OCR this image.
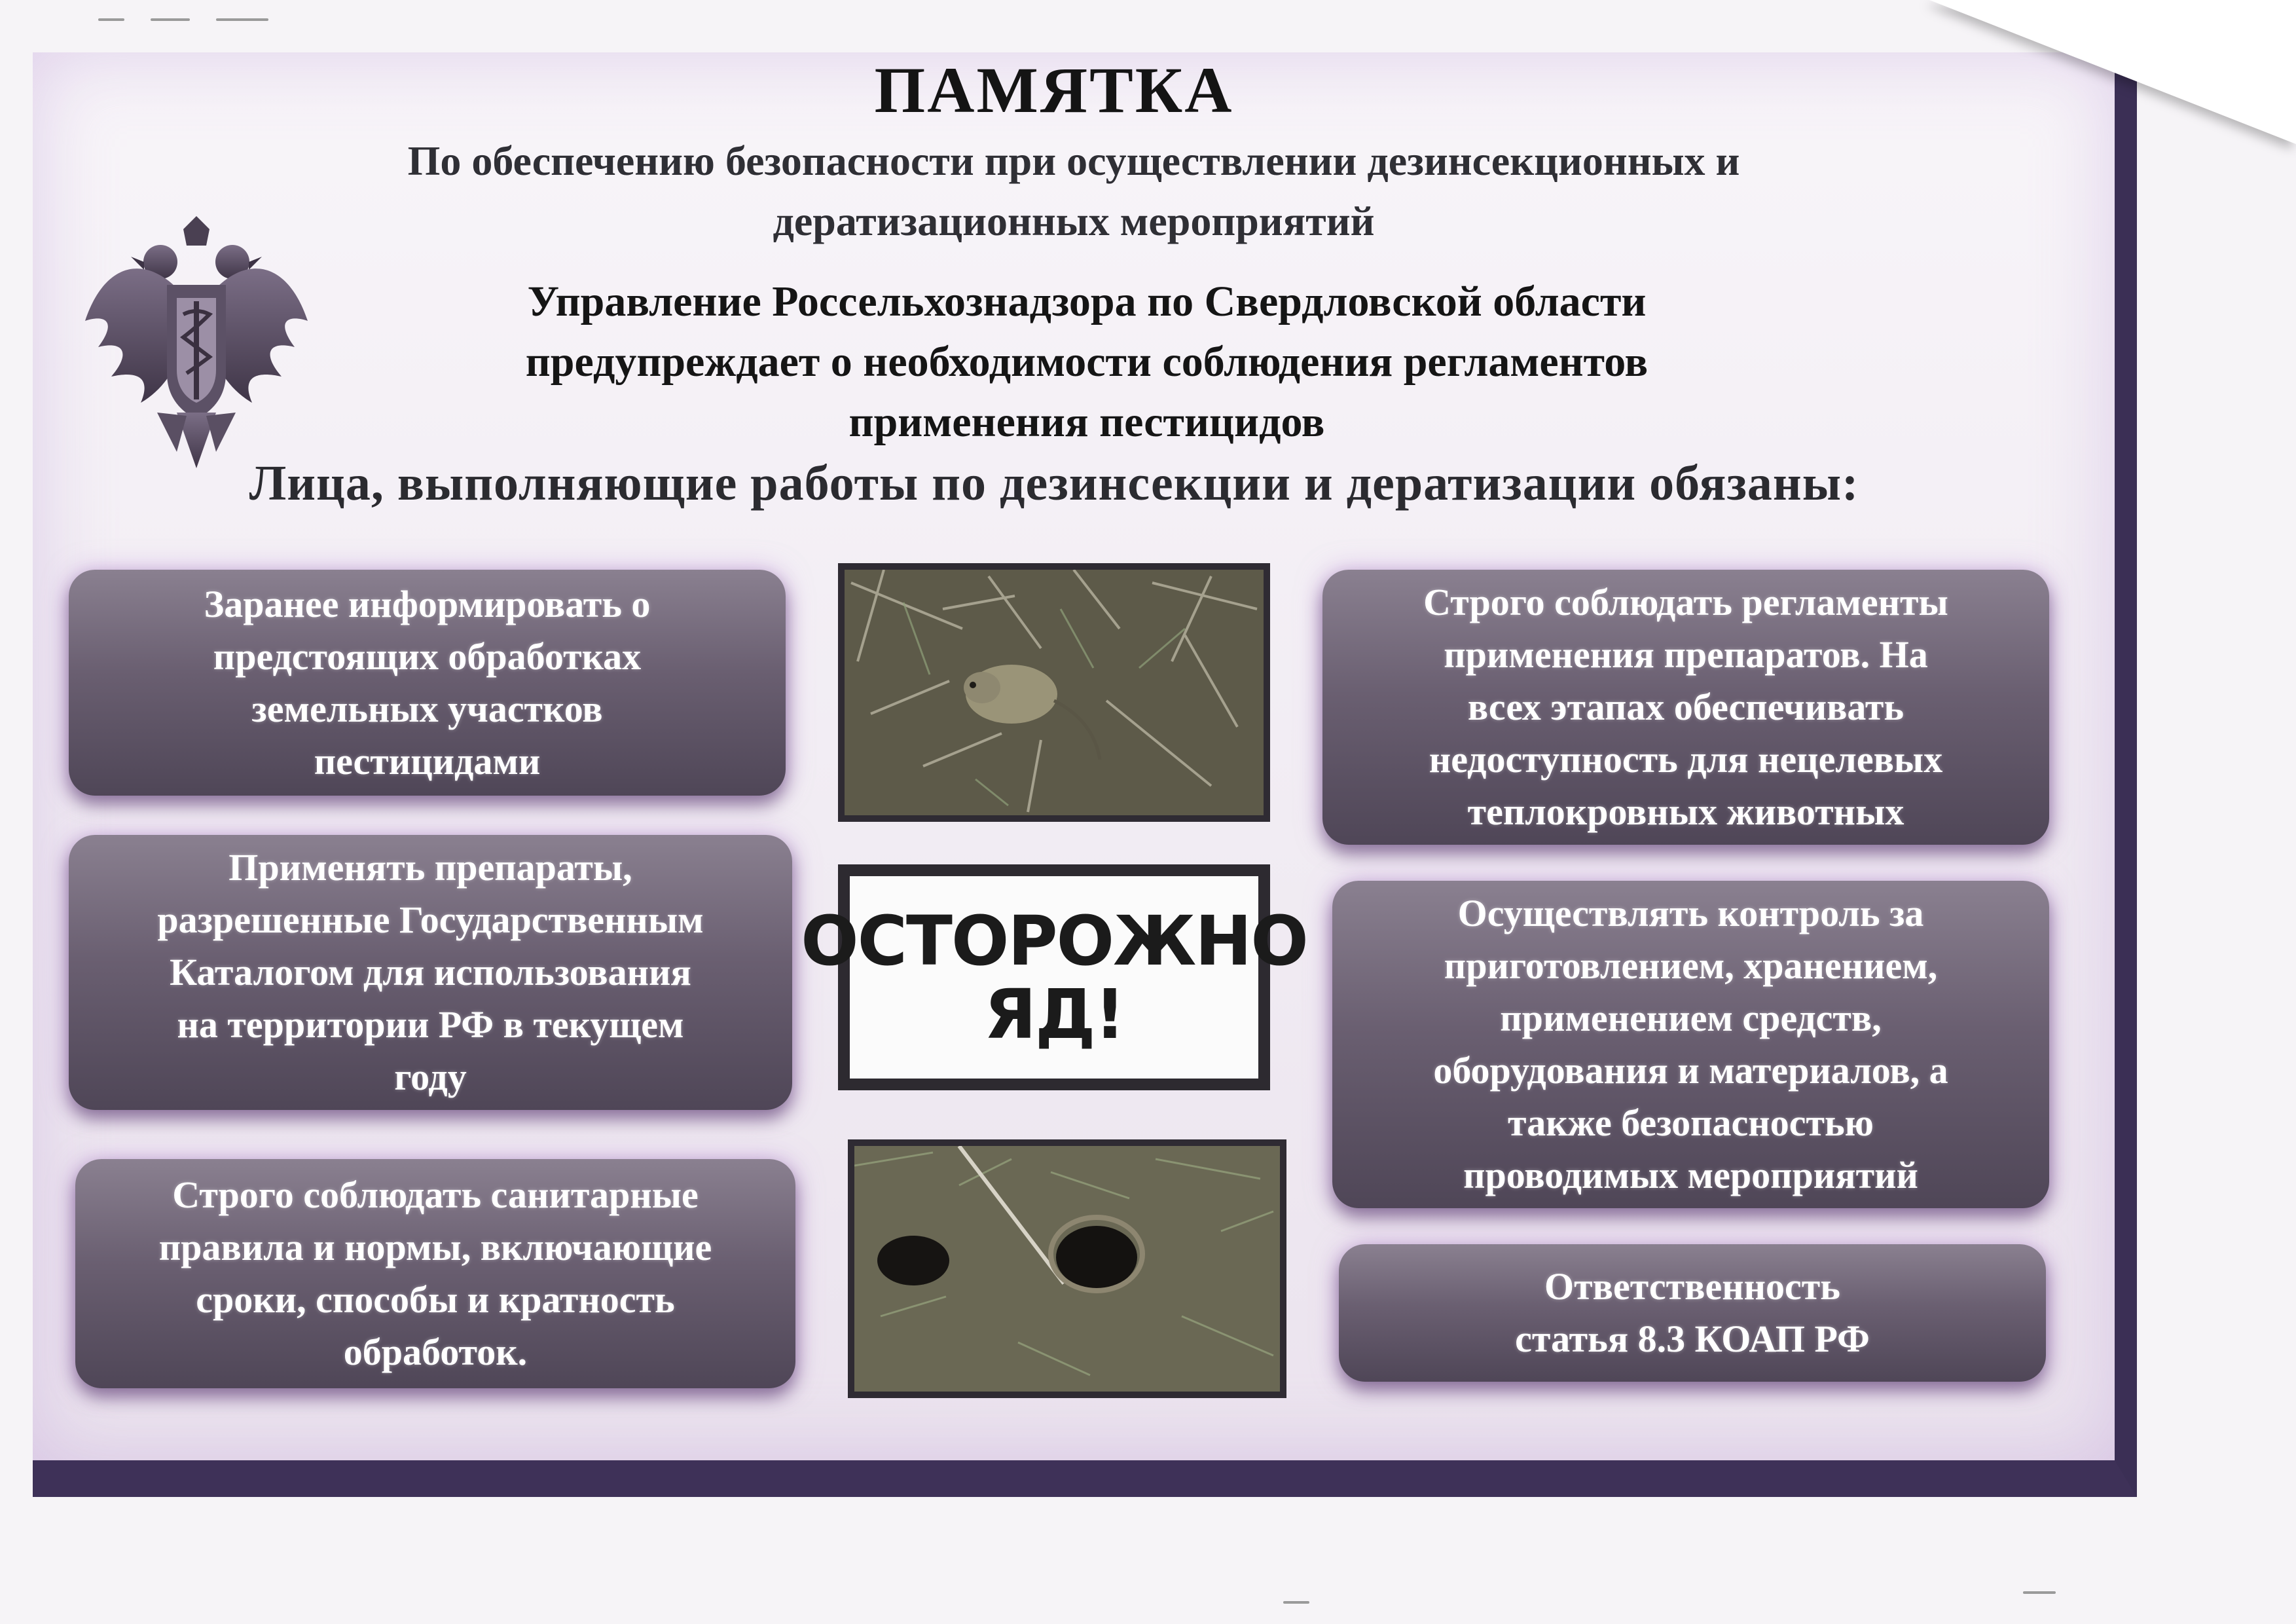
ПАМЯТКА
По обеспечению безопасности при осуществлении дезинсекционных и
дератизационных мероприятий
Управление Россельхознадзора по Свердловской области
предупреждает о необходимости соблюдения регламентов
применения пестицидов
Лица, выполняющие работы по дезинсекции и дератизации обязаны:
Заранее информировать о
предстоящих обработках
земельных участков
пестицидами
Применять препараты,
разрешенные Государственным
Каталогом для использования
на территории РФ в текущем
году
Строго соблюдать санитарные
правила и нормы, включающие
сроки, способы и кратность
обработок.
ОСТОРОЖНО
ЯД!
Строго соблюдать регламенты
применения препаратов. На
всех этапах обеспечивать
недоступность для нецелевых
теплокровных животных
Осуществлять контроль за
приготовлением, хранением,
применением средств,
оборудования и материалов, а
также безопасностью
проводимых мероприятий
Ответственность
статья 8.3 КОАП РФ
